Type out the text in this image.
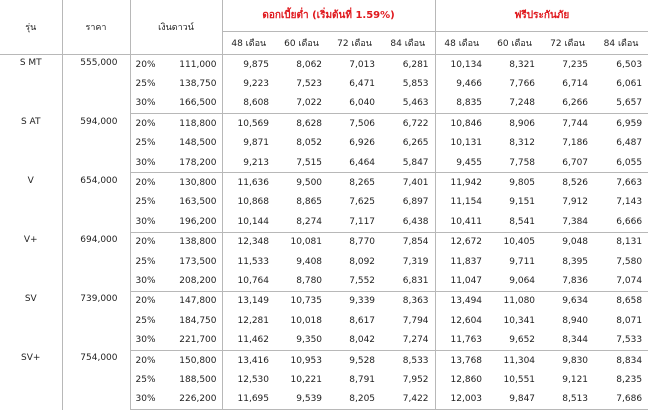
รุ่น	ราคา	เงินดาวน์		ดอกเบี้ยต่ำ (เริ่มต้นที่ 1.59%)				ฟรีประกันภัย			
				48 เดือน	60 เดือน	72 เดือน	84 เดือน	48 เดือน	60 เดือน	72 เดือน	84 เดือน
S MT	555,000	20%	111,000	9,875	8,062	7,013	6,281	10,134	8,321	7,235	6,503
		25%	138,750	9,223	7,523	6,471	5,853	9,466	7,766	6,714	6,061
		30%	166,500	8,608	7,022	6,040	5,463	8,835	7,248	6,266	5,657
S AT	594,000	20%	118,800	10,569	8,628	7,506	6,722	10,846	8,906	7,744	6,959
		25%	148,500	9,871	8,052	6,926	6,265	10,131	8,312	7,186	6,487
		30%	178,200	9,213	7,515	6,464	5,847	9,455	7,758	6,707	6,055
V	654,000	20%	130,800	11,636	9,500	8,265	7,401	11,942	9,805	8,526	7,663
		25%	163,500	10,868	8,865	7,625	6,897	11,154	9,151	7,912	7,143
		30%	196,200	10,144	8,274	7,117	6,438	10,411	8,541	7,384	6,666
V+	694,000	20%	138,800	12,348	10,081	8,770	7,854	12,672	10,405	9,048	8,131
		25%	173,500	11,533	9,408	8,092	7,319	11,837	9,711	8,395	7,580
		30%	208,200	10,764	8,780	7,552	6,831	11,047	9,064	7,836	7,074
SV	739,000	20%	147,800	13,149	10,735	9,339	8,363	13,494	11,080	9,634	8,658
		25%	184,750	12,281	10,018	8,617	7,794	12,604	10,341	8,940	8,071
		30%	221,700	11,462	9,350	8,042	7,274	11,763	9,652	8,344	7,533
SV+	754,000	20%	150,800	13,416	10,953	9,528	8,533	13,768	11,304	9,830	8,834
		25%	188,500	12,530	10,221	8,791	7,952	12,860	10,551	9,121	8,235
		30%	226,200	11,695	9,539	8,205	7,422	12,003	9,847	8,513	7,686
